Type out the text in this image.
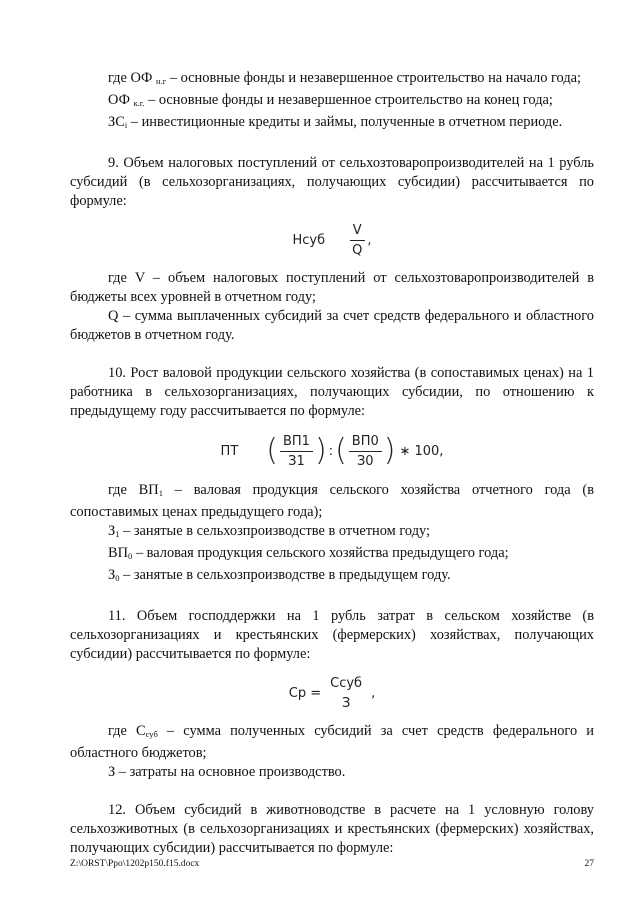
где ОФ $_{н.г}$ – основные фонды и незавершенное строительство на начало года;

ОФ $_{к.г.}$ – основные фонды и незавершенное строительство на конец года;

$ЗС_i$ – инвестиционные кредиты и займы, полученные в отчетном периоде.

9. Объем налоговых поступлений от сельхозтоваропроизводителей на 1 рубль субсидий (в сельхозорганизациях, получающих субсидии) рассчитывается по формуле:

Нсуб $\frac{V}{Q}$ ,

где V – объем налоговых поступлений от сельхозтоваропроизводителей в бюджеты всех уровней в отчетном году;

Q – сумма выплаченных субсидий за счет средств федерального и областного бюджетов в отчетном году.

10. Рост валовой продукции сельского хозяйства (в сопоставимых ценах) на 1 работника в сельхозорганизациях, получающих субсидии, по отношению к предыдущему году рассчитывается по формуле:

ПТ ( $\frac{ВП1}{З1}$ ) : ( $\frac{ВП0}{З0}$ ) ∗ 100,

где $ВП_1$ – валовая продукция сельского хозяйства отчетного года (в сопоставимых ценах предыдущего года);

$З_1$ – занятые в сельхозпроизводстве в отчетном году;

$ВП_0$ – валовая продукция сельского хозяйства предыдущего года;

$З_0$ – занятые в сельхозпроизводстве в предыдущем году.

11. Объем господдержки на 1 рубль затрат в сельском хозяйстве (в сельхозорганизациях и крестьянских (фермерских) хозяйствах, получающих субсидии) рассчитывается по формуле:

Ср =
Ссуб
З
,

где $С_{суб}$ – сумма полученных субсидий за счет средств федерального и областного бюджетов;

З – затраты на основное производство.

12. Объем субсидий в животноводстве в расчете на 1 условную голову сельхозживотных (в сельхозорганизациях и крестьянских (фермерских) хозяйствах, получающих субсидии) рассчитывается по формуле:

Z:\ORST\Ppo\1202p150.f15.docx	27
